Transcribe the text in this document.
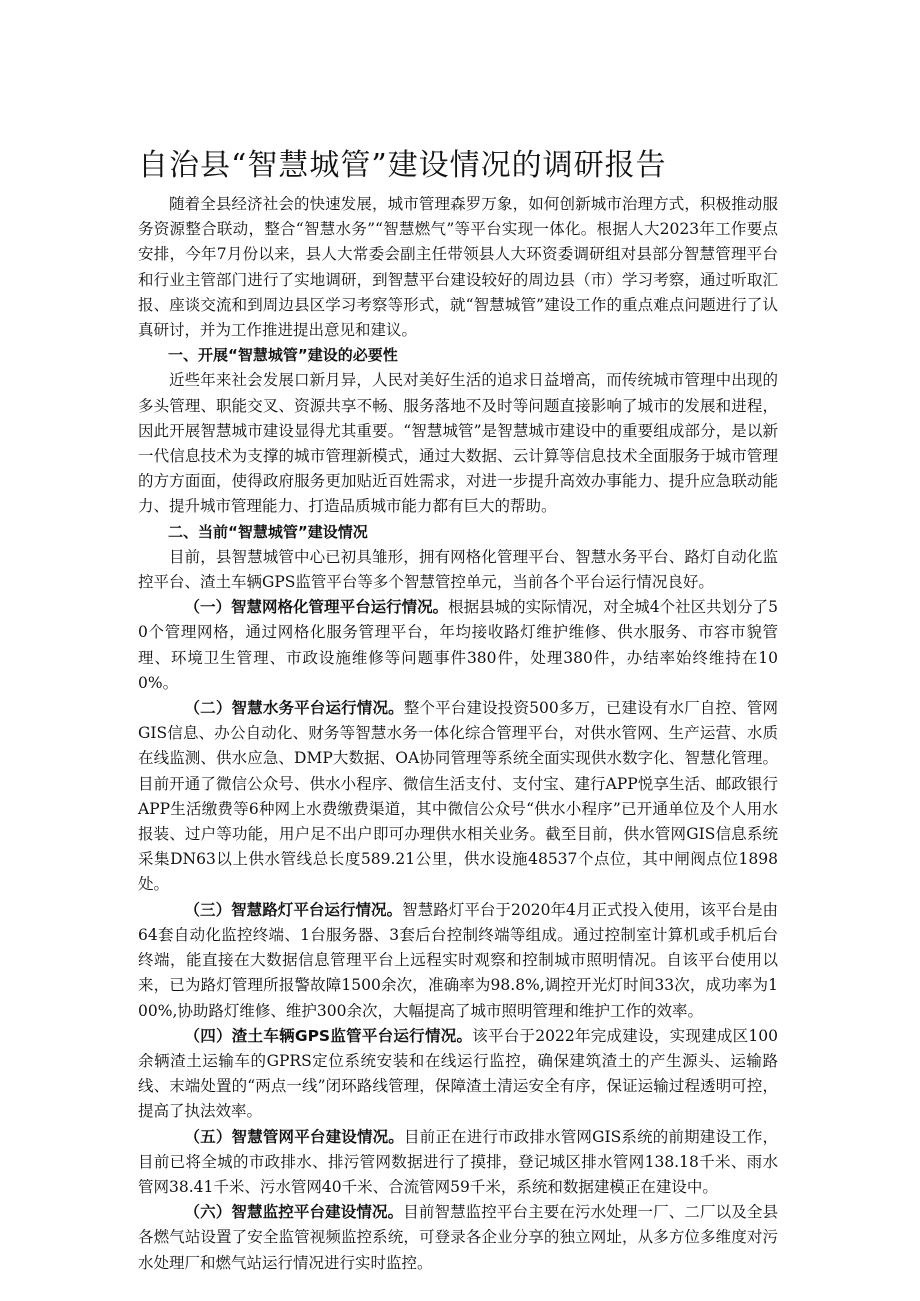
自治县“智慧城管”建设情况的调研报告

随着全县经济社会的快速发展，城市管理森罗万象，如何创新城市治理方式，积极推动服务资源整合联动，整合“智慧水务”“智慧燃气”等平台实现一体化。根据人大2023年工作要点安排，今年7月份以来，县人大常委会副主任带领县人大环资委调研组对县部分智慧管理平台和行业主管部门进行了实地调研，到智慧平台建设较好的周边县（市）学习考察，通过听取汇报、座谈交流和到周边县区学习考察等形式，就“智慧城管”建设工作的重点难点问题进行了认真研讨，并为工作推进提出意见和建议。

一、开展“智慧城管”建设的必要性

近些年来社会发展口新月异，人民对美好生活的追求日益增高，而传统城市管理中出现的多头管理、职能交叉、资源共享不畅、服务落地不及时等问题直接影响了城市的发展和进程，因此开展智慧城市建设显得尤其重要。“智慧城管”是智慧城市建设中的重要组成部分，是以新一代信息技术为支撑的城市管理新模式，通过大数据、云计算等信息技术全面服务于城市管理的方方面面，使得政府服务更加贴近百姓需求，对进一步提升高效办事能力、提升应急联动能力、提升城市管理能力、打造品质城市能力都有巨大的帮助。

二、当前“智慧城管”建设情况

目前，县智慧城管中心已初具雏形，拥有网格化管理平台、智慧水务平台、路灯自动化监控平台、渣土车辆GPS监管平台等多个智慧管控单元，当前各个平台运行情况良好。

（一）智慧网格化管理平台运行情况。根据县城的实际情况，对全城4个社区共划分了50个管理网格，通过网格化服务管理平台，年均接收路灯维护维修、供水服务、市容市貌管理、环境卫生管理、市政设施维修等问题事件380件，处理380件，办结率始终维持在100%。

（二）智慧水务平台运行情况。整个平台建设投资500多万，已建设有水厂自控、管网GIS信息、办公自动化、财务等智慧水务一体化综合管理平台，对供水管网、生产运营、水质在线监测、供水应急、DMP大数据、OA协同管理等系统全面实现供水数字化、智慧化管理。目前开通了微信公众号、供水小程序、微信生活支付、支付宝、建行APP悦享生活、邮政银行APP生活缴费等6种网上水费缴费渠道，其中微信公众号“供水小程序”已开通单位及个人用水报装、过户等功能，用户足不出户即可办理供水相关业务。截至目前，供水管网GIS信息系统采集DN63以上供水管线总长度589.21公里，供水设施48537个点位，其中闸阀点位1898处。

（三）智慧路灯平台运行情况。智慧路灯平台于2020年4月正式投入使用，该平台是由64套自动化监控终端、1台服务器、3套后台控制终端等组成。通过控制室计算机或手机后台终端，能直接在大数据信息管理平台上远程实时观察和控制城市照明情况。自该平台使用以来，已为路灯管理所报警故障1500余次，准确率为98.8%,调控开光灯时间33次，成功率为100%,协助路灯维修、维护300余次，大幅提高了城市照明管理和维护工作的效率。

（四）渣土车辆GPS监管平台运行情况。该平台于2022年完成建设，实现建成区100余辆渣土运输车的GPRS定位系统安装和在线运行监控，确保建筑渣土的产生源头、运输路线、末端处置的“两点一线”闭环路线管理，保障渣土清运安全有序，保证运输过程透明可控，提高了执法效率。

（五）智慧管网平台建设情况。目前正在进行市政排水管网GIS系统的前期建设工作，目前已将全城的市政排水、排污管网数据进行了摸排，登记城区排水管网138.18千米、雨水管网38.41千米、污水管网40千米、合流管网59千米，系统和数据建模正在建设中。

（六）智慧监控平台建设情况。目前智慧监控平台主要在污水处理一厂、二厂以及全县各燃气站设置了安全监管视频监控系统，可登录各企业分享的独立网址，从多方位多维度对污水处理厂和燃气站运行情况进行实时监控。
